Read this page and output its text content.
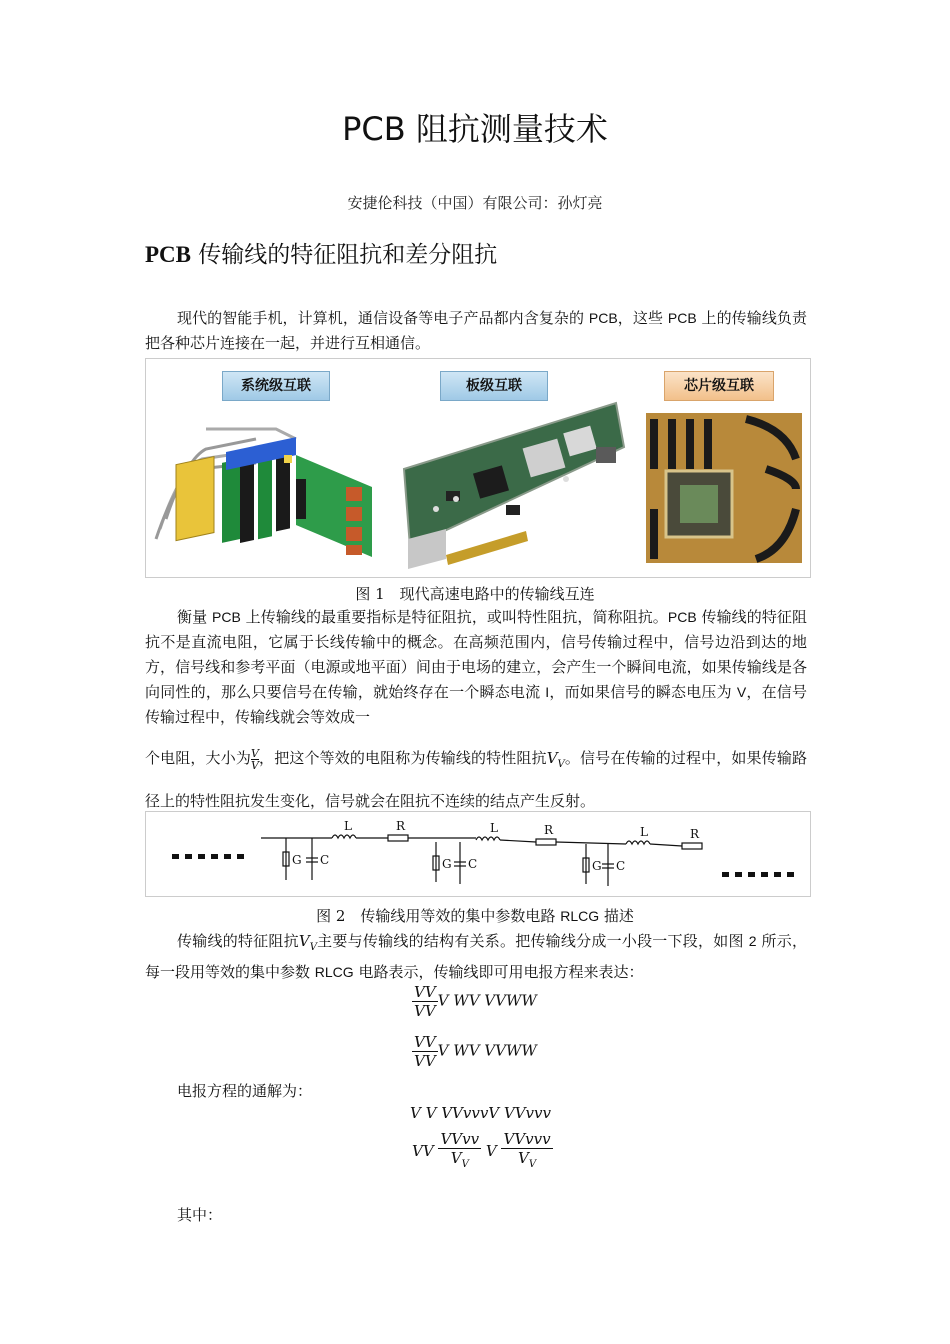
PCB 阻抗测量技术
安捷伦科技（中国）有限公司：孙灯亮
PCB 传输线的特征阻抗和差分阻抗

现代的智能手机，计算机，通信设备等电子产品都内含复杂的 PCB，这些 PCB 上的传输线负责把各种芯片连接在一起，并进行互相通信。

系统级互联	板级互联	芯片级互联
图 1　现代高速电路中的传输线互连

衡量 PCB 上传输线的最重要指标是特征阻抗，或叫特性阻抗，简称阻抗。PCB 传输线的特征阻抗不是直流电阻，它属于长线传输中的概念。在高频范围内，信号传输过程中，信号边沿到达的地方，信号线和参考平面（电源或地平面）间由于电场的建立，会产生一个瞬间电流，如果传输线是各向同性的，那么只要信号在传输，就始终存在一个瞬态电流 I，而如果信号的瞬态电压为 V，在信号传输过程中，传输线就会等效成一

个电阻，大小为 $\frac{V}{V}$，把这个等效的电阻称为传输线的特性阻抗$V_V$。信号在传输的过程中，如果传输路径上的特性阻抗发生变化，信号就会在阻抗不连续的结点产生反射。

L	R	L	R	L	R
G C	G C	G C
图 2　传输线用等效的集中参数电路 RLCG 描述

传输线的特征阻抗$V_V$主要与传输线的结构有关系。把传输线分成一小段一下段，如图 2 所示，每一段用等效的集中参数 RLCG 电路表示，传输线即可用电报方程来表达：

$\frac{VV}{VV}$ V WV VVWW
$\frac{VV}{VV}$ V WV VVWW
电报方程的通解为：
V V VVvvvV VVvvv
VV $\frac{\text{VVvv}}{V_V}$ V $\frac{\text{VVvvv}}{V_V}$
其中：
